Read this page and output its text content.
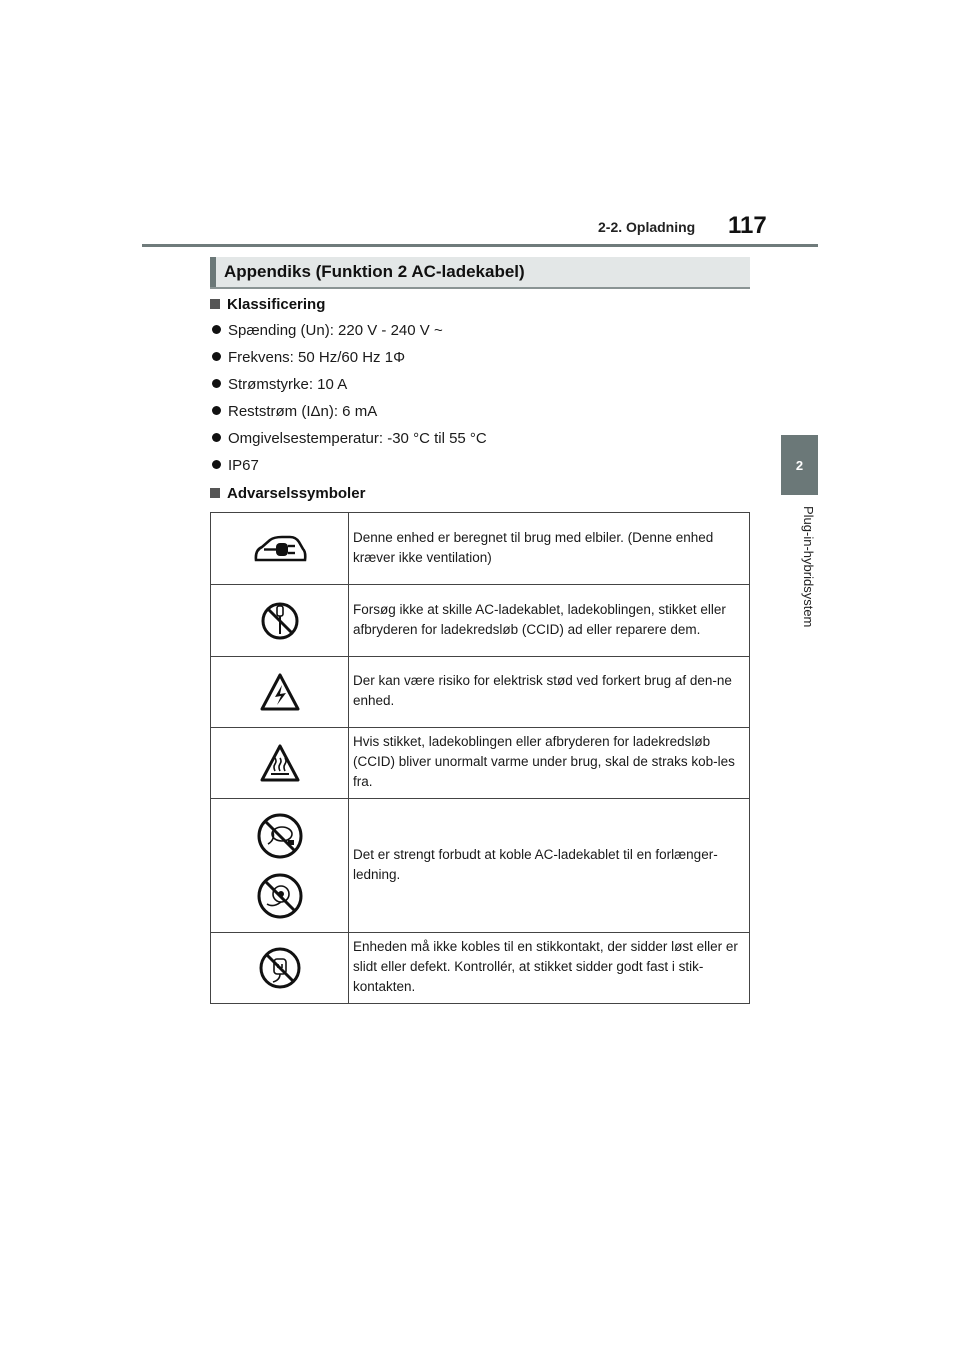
2-2. Opladning 117
2
Plug-in-hybridsystem
Appendiks (Funktion 2 AC-ladekabel)
Klassificering
Spænding (Un): 220 V - 240 V ~
Frekvens: 50 Hz/60 Hz 1Φ
Strømstyrke: 10 A
Reststrøm (IΔn): 6 mA
Omgivelsestemperatur: -30 °C til 55 °C
IP67
Advarselssymboler
	Denne enhed er beregnet til brug med elbiler. (Denne enhed kræver ikke ventilation)

	Forsøg ikke at skille AC-ladekablet, ladekoblingen, stikket eller afbryderen for ladekredsløb (CCID) ad eller reparere dem.

	Der kan være risiko for elektrisk stød ved forkert brug af den-ne enhed.

	Hvis stikket, ladekoblingen eller afbryderen for ladekredsløb (CCID) bliver unormalt varme under brug, skal de straks kob-les fra.

	Det er strengt forbudt at koble AC-ladekablet til en forlænger-ledning.

	Enheden må ikke kobles til en stikkontakt, der sidder løst eller er slidt eller defekt. Kontrollér, at stikket sidder godt fast i stik-kontakten.
